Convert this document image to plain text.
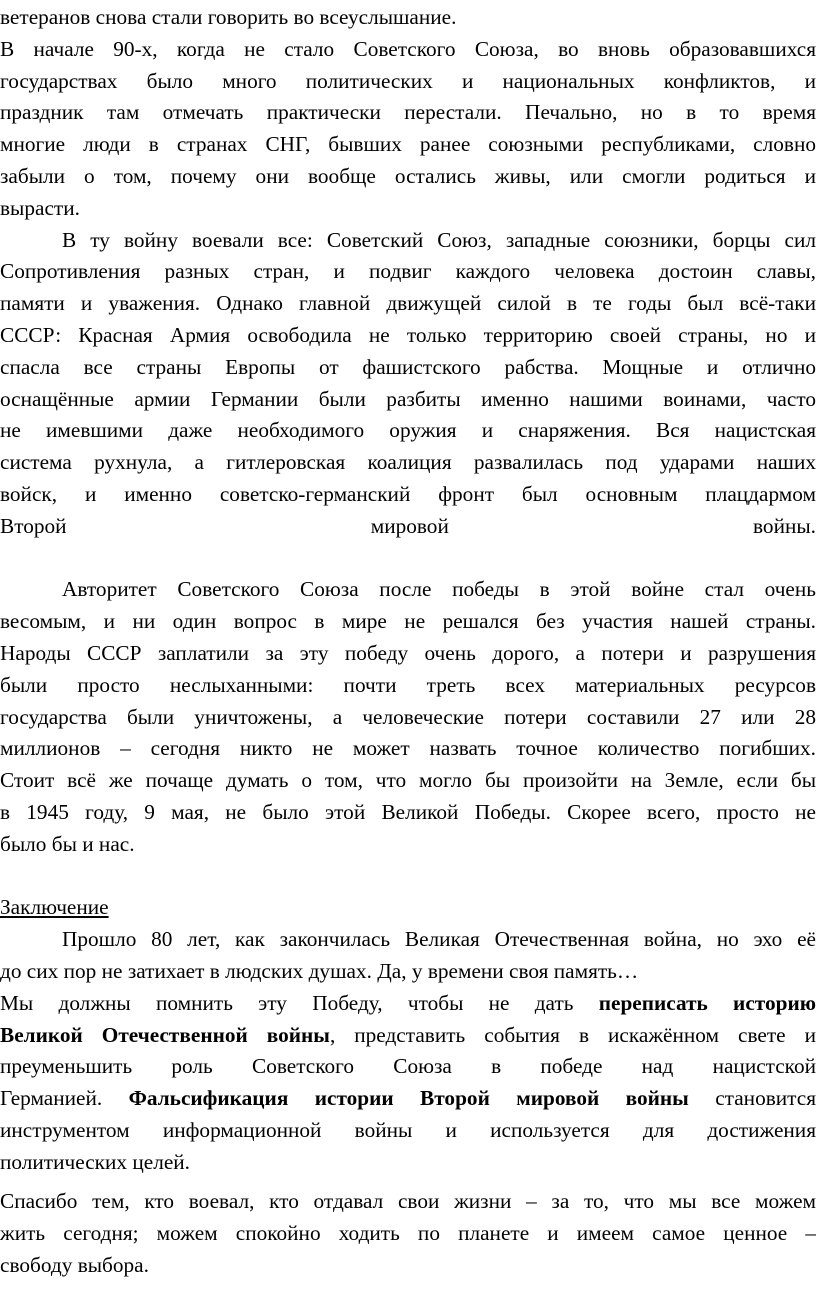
ветеранов снова стали говорить во всеуслышание.
В начале 90-х, когда не стало Советского Союза, во вновь образовавшихся
государствах было много политических и национальных конфликтов, и
праздник там отмечать практически перестали. Печально, но в то время
многие люди в странах СНГ, бывших ранее союзными республиками, словно
забыли о том, почему они вообще остались живы, или смогли родиться и
вырасти.
В ту войну воевали все: Советский Союз, западные союзники, борцы сил
Сопротивления разных стран, и подвиг каждого человека достоин славы,
памяти и уважения. Однако главной движущей силой в те годы был всё-таки
СССР: Красная Армия освободила не только территорию своей страны, но и
спасла все страны Европы от фашистского рабства. Мощные и отлично
оснащённые армии Германии были разбиты именно нашими воинами, часто
не имевшими даже необходимого оружия и снаряжения. Вся нацистская
система рухнула, а гитлеровская коалиция развалилась под ударами наших
войск, и именно советско-германский фронт был основным плацдармом
Второй мировой войны.
Авторитет Советского Союза после победы в этой войне стал очень
весомым, и ни один вопрос в мире не решался без участия нашей страны.
Народы СССР заплатили за эту победу очень дорого, а потери и разрушения
были просто неслыханными: почти треть всех материальных ресурсов
государства были уничтожены, а человеческие потери составили 27 или 28
миллионов – сегодня никто не может назвать точное количество погибших.
Стоит всё же почаще думать о том, что могло бы произойти на Земле, если бы
в 1945 году, 9 мая, не было этой Великой Победы. Скорее всего, просто не
было бы и нас.
Заключение
Прошло 80 лет, как закончилась Великая Отечественная война, но эхо её
до сих пор не затихает в людских душах. Да, у времени своя память…
Мы должны помнить эту Победу, чтобы не дать переписать историю
Великой Отечественной войны, представить события в искажённом свете и
преуменьшить роль Советского Союза в победе над нацистской
Германией. Фальсификация истории Второй мировой войны становится
инструментом информационной войны и используется для достижения
политических целей.
Спасибо тем, кто воевал, кто отдавал свои жизни – за то, что мы все можем
жить сегодня; можем спокойно ходить по планете и имеем самое ценное –
свободу выбора.
